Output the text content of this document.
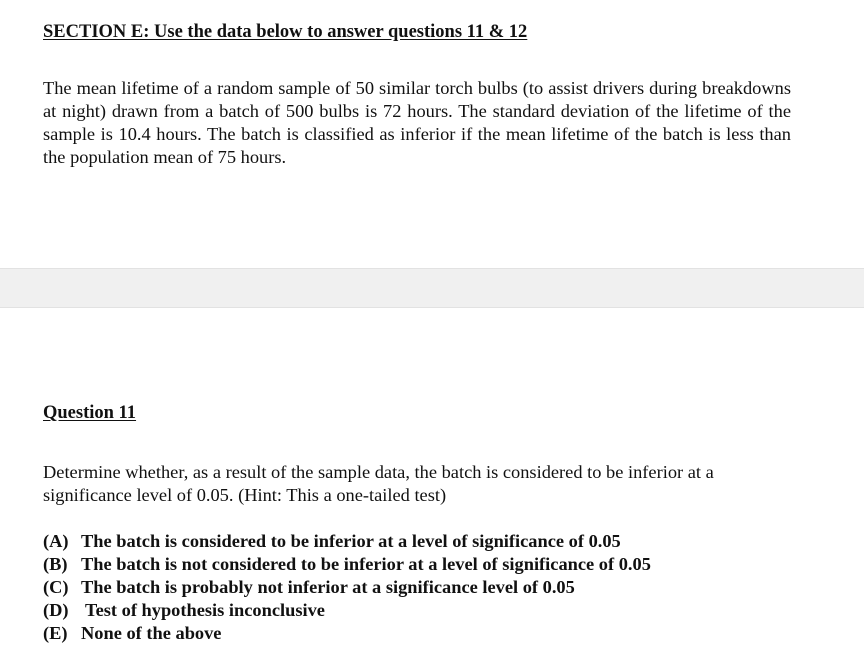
SECTION E: Use the data below to answer questions 11 & 12

The mean lifetime of a random sample of 50 similar torch bulbs (to assist drivers during breakdowns at night) drawn from a batch of 500 bulbs is 72 hours. The standard deviation of the lifetime of the sample is 10.4 hours. The batch is classified as inferior if the mean lifetime of the batch is less than the population mean of 75 hours.

Question 11

Determine whether, as a result of the sample data, the batch is considered to be inferior at a significance level of 0.05. (Hint: This a one-tailed test)

(A) The batch is considered to be inferior at a level of significance of 0.05
(B) The batch is not considered to be inferior at a level of significance of 0.05
(C) The batch is probably not inferior at a significance level of 0.05
(D) Test of hypothesis inconclusive
(E) None of the above
